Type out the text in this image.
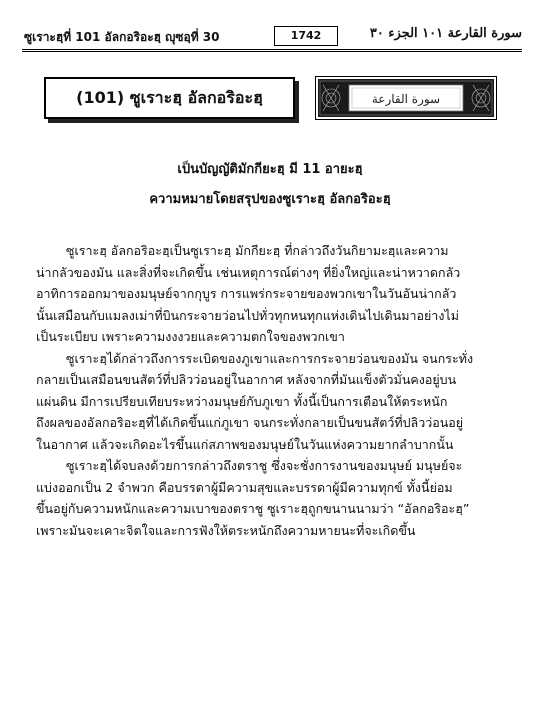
ซูเราะฮฺที่ 101 อัลกอริอะฮฺ ญุซอฺที่ 30	1742	سورة القارعة ١٠١ الجزء ٣٠
(101) ซูเราะฮฺ อัลกอริอะฮฺ	سورة القارعة
เป็นบัญญัติมักกียะฮฺ มี 11 อายะฮฺ
ความหมายโดยสรุปของซูเราะฮฺ อัลกอริอะฮฺ
ซูเราะฮฺ อัลกอริอะฮฺเป็นซูเราะฮฺ มักกียะฮฺ ที่กล่าวถึงวันกิยามะฮฺและความ
น่ากลัวของมัน และสิ่งที่จะเกิดขึ้น เช่นเหตุการณ์ต่างๆ ที่ยิ่งใหญ่และน่าหวาดกลัว
อาทิการออกมาของมนุษย์จากกุบูร การแพร่กระจายของพวกเขาในวันอันน่ากลัว
นั้นเสมือนกับแมลงเม่าที่บินกระจายว่อนไปทั่วทุกหนทุกแห่งเดินไปเดินมาอย่างไม่
เป็นระเบียบ เพราะความงงงวยและความตกใจของพวกเขา
ซูเราะฮฺได้กล่าวถึงการระเบิดของภูเขาและการกระจายว่อนของมัน จนกระทั่ง
กลายเป็นเสมือนขนสัตว์ที่ปลิวว่อนอยู่ในอากาศ หลังจากที่มันแข็งตัวมั่นคงอยู่บน
แผ่นดิน มีการเปรียบเทียบระหว่างมนุษย์กับภูเขา ทั้งนี้เป็นการเตือนให้ตระหนัก
ถึงผลของอัลกอริอะฮฺที่ได้เกิดขึ้นแก่ภูเขา จนกระทั่งกลายเป็นขนสัตว์ที่ปลิวว่อนอยู่
ในอากาศ แล้วจะเกิดอะไรขึ้นแก่สภาพของมนุษย์ในวันแห่งความยากลำบากนั้น
ซูเราะฮฺได้จบลงด้วยการกล่าวถึงตราชู ซึ่งจะชั่งการงานของมนุษย์ มนุษย์จะ
แบ่งออกเป็น 2 จำพวก คือบรรดาผู้มีความสุขและบรรดาผู้มีความทุกข์ ทั้งนี้ย่อม
ขึ้นอยู่กับความหนักและความเบาของตราชู ซูเราะฮฺถูกขนานนามว่า “อัลกอริอะฮฺ”
เพราะมันจะเคาะจิตใจและการฟังให้ตระหนักถึงความหายนะที่จะเกิดขึ้น
